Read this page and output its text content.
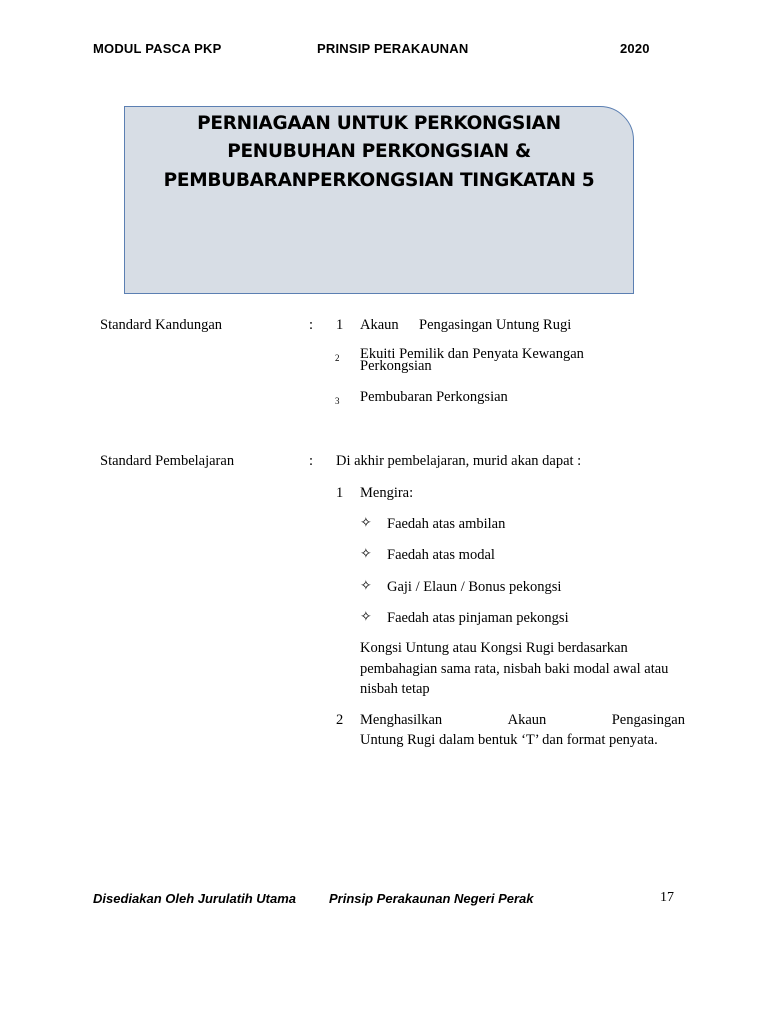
MODUL PASCA PKP	PRINSIP PERAKAUNAN	2020
PERNIAGAAN UNTUK PERKONGSIAN
PENUBUHAN PERKONGSIAN &
PEMBUBARANPERKONGSIAN TINGKATAN 5
Standard Kandungan	: 1 Akaun Pengasingan Untung Rugi
2 Ekuiti Pemilik dan Penyata Kewangan
Perkongsian
3 Pembubaran Perkongsian
Standard Pembelajaran	: Di akhir pembelajaran, murid akan dapat :
1 Mengira:
✧ Faedah atas ambilan
✧ Faedah atas modal
✧ Gaji / Elaun / Bonus pekongsi
✧ Faedah atas pinjaman pekongsi
Kongsi Untung atau Kongsi Rugi berdasarkan
pembahagian sama rata, nisbah baki modal awal atau
nisbah tetap
2 Menghasilkan	Akaun	Pengasingan
Untung Rugi dalam bentuk ‘T’ dan format penyata.
Disediakan Oleh Jurulatih Utama	Prinsip Perakaunan Negeri Perak	17
